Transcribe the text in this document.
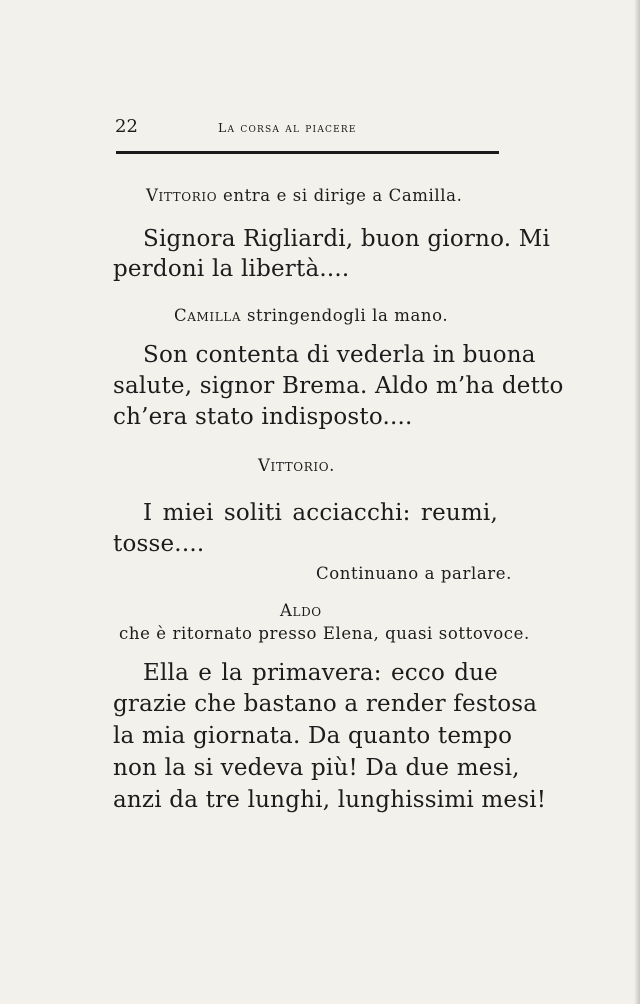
22	La corsa al piacere
Vittorio entra e si dirige a Camilla.
Signora Rigliardi, buon giorno. Mi
perdoni la libertà....
Camilla stringendogli la mano.
Son contenta di vederla in buona
salute, signor Brema. Aldo m’ha detto
ch’era stato indisposto....
Vittorio.
I miei soliti acciacchi: reumi,
tosse....
Continuano a parlare.
Aldo
che è ritornato presso Elena, quasi sottovoce.
Ella e la primavera: ecco due
grazie che bastano a render festosa
la mia giornata. Da quanto tempo
non la si vedeva più! Da due mesi,
anzi da tre lunghi, lunghissimi mesi!
